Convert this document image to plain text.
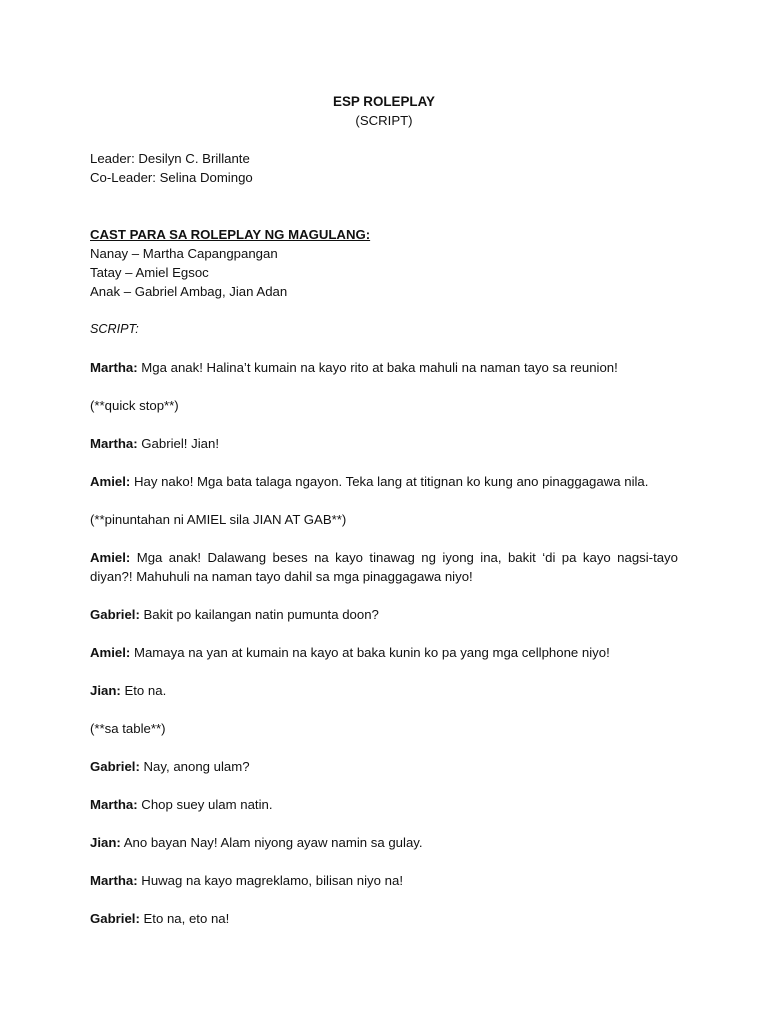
ESP ROLEPLAY
(SCRIPT)
Leader: Desilyn C. Brillante
Co-Leader: Selina Domingo
CAST PARA SA ROLEPLAY NG MAGULANG:
Nanay – Martha Capangpangan
Tatay – Amiel Egsoc
Anak – Gabriel Ambag, Jian Adan
SCRIPT:
Martha: Mga anak! Halina’t kumain na kayo rito at baka mahuli na naman tayo sa reunion!
(**quick stop**)
Martha: Gabriel! Jian!
Amiel: Hay nako! Mga bata talaga ngayon. Teka lang at titignan ko kung ano pinaggagawa nila.
(**pinuntahan ni AMIEL sila JIAN AT GAB**)
Amiel: Mga anak! Dalawang beses na kayo tinawag ng iyong ina, bakit ‘di pa kayo nagsi-tayo diyan?! Mahuhuli na naman tayo dahil sa mga pinaggagawa niyo!
Gabriel: Bakit po kailangan natin pumunta doon?
Amiel: Mamaya na yan at kumain na kayo at baka kunin ko pa yang mga cellphone niyo!
Jian: Eto na.
(**sa table**)
Gabriel: Nay, anong ulam?
Martha: Chop suey ulam natin.
Jian: Ano bayan Nay! Alam niyong ayaw namin sa gulay.
Martha: Huwag na kayo magreklamo, bilisan niyo na!
Gabriel: Eto na, eto na!
